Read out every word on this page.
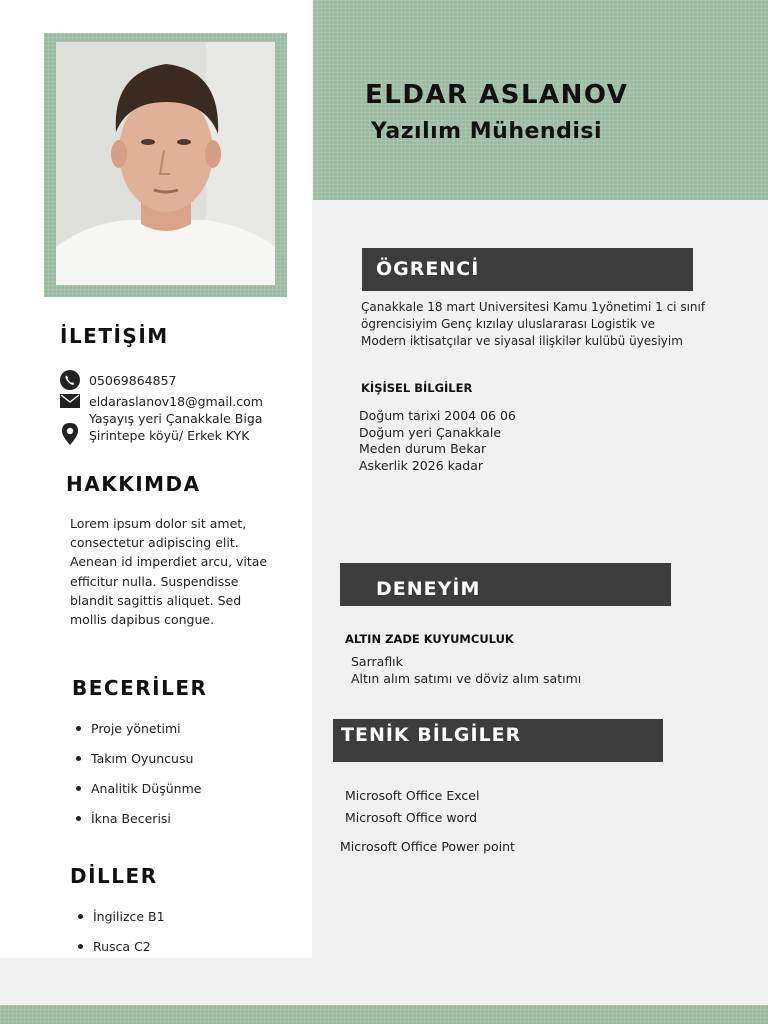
ELDAR ASLANOV
Yazılım Mühendisi
İLETİŞİM
05069864857
eldaraslanov18@gmail.com
Yaşayış yeri Çanakkale Biga
Şirintepe köyü/ Erkek KYK
HAKKIMDA
Lorem ipsum dolor sit amet,
consectetur adipiscing elit.
Aenean id imperdiet arcu, vitae
efficitur nulla. Suspendisse
blandit sagittis aliquet. Sed
mollis dapibus congue.
BECERİLER
Proje yönetimi
Takım Oyuncusu
Analitik Düşünme
İkna Becerisi
DİLLER
İngilizce B1
Rusca C2
ÖGRENCİ
Çanakkale 18 mart Universitesi Kamu 1yönetimi 1 ci sınıf
ögrencisiyim Genç kızılay uluslararası Logistik ve
Modern iktisatçılar ve siyasal ilişkilər kulübü üyesiyim
KİŞİSEL BİLGİLER
Doğum tarixi 2004 06 06
Doğum yeri Çanakkale
Meden durum Bekar
Askerlik 2026 kadar
DENEYİM
ALTIN ZADE KUYUMCULUK
Sarraflık
Altın alım satımı ve döviz alım satımı
TENİK BİLGİLER
Microsoft Office Excel
Microsoft Office word
Microsoft Office Power point
